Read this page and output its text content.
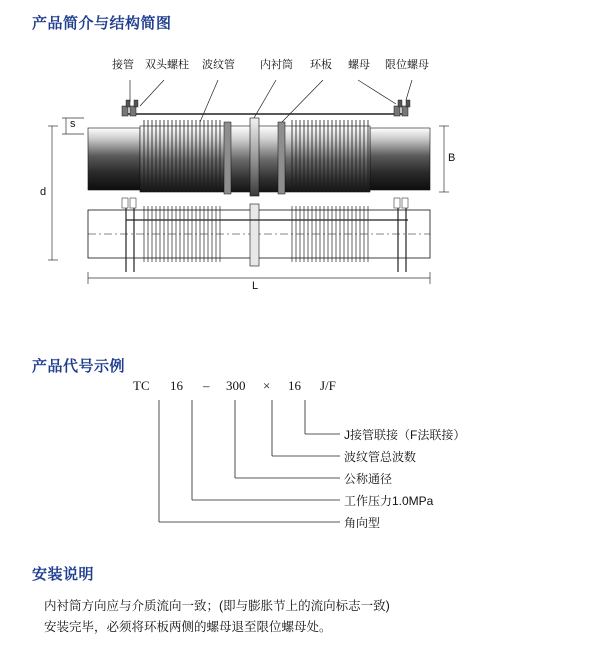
产品简介与结构简图
接管 双头螺柱 波纹管 内衬筒 环板 螺母 限位螺母
s
d
B
L
产品代号示例
TC 16 – 300 × 16 J/F
J接管联接（F法联接）
波纹管总波数
公称通径
工作压力1.0MPa
角向型
安装说明
内衬筒方向应与介质流向一致；(即与膨胀节上的流向标志一致)
安装完毕，必须将环板两侧的螺母退至限位螺母处。
